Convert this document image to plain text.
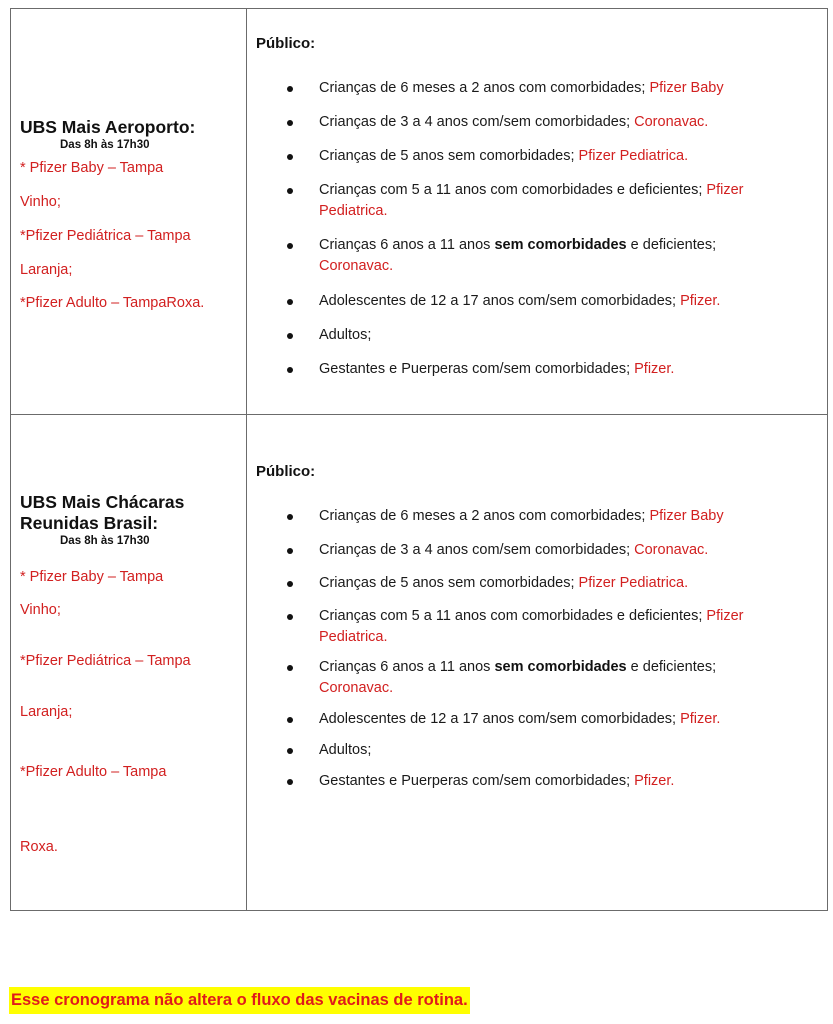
UBS Mais Aeroporto:

Das 8h às 17h30
* Pfizer Baby – Tampa
Vinho;
*Pfizer Pediátrica – Tampa
Laranja;
*Pfizer Adulto – TampaRoxa.
Público:
Crianças de 6 meses a 2 anos com comorbidades; Pfizer Baby
Crianças de 3 a 4 anos com/sem comorbidades; Coronavac.
Crianças de 5 anos sem comorbidades; Pfizer Pediatrica.
Crianças com 5 a 11 anos com comorbidades e deficientes; Pfizer Pediatrica.
Crianças 6 anos a 11 anos sem comorbidades e deficientes;
Coronavac.
Adolescentes de 12 a 17 anos com/sem comorbidades; Pfizer.
Adultos;
Gestantes e Puerperas com/sem comorbidades; Pfizer.

UBS Mais Chácaras

Reunidas Brasil:

Das 8h às 17h30
* Pfizer Baby – Tampa
Vinho;
*Pfizer Pediátrica – Tampa
Laranja;
*Pfizer Adulto – Tampa
Roxa.
Público:
Crianças de 6 meses a 2 anos com comorbidades; Pfizer Baby
Crianças de 3 a 4 anos com/sem comorbidades; Coronavac.
Crianças de 5 anos sem comorbidades; Pfizer Pediatrica.
Crianças com 5 a 11 anos com comorbidades e deficientes; Pfizer Pediatrica.
Crianças 6 anos a 11 anos sem comorbidades e deficientes;
Coronavac.
Adolescentes de 12 a 17 anos com/sem comorbidades; Pfizer.
Adultos;
Gestantes e Puerperas com/sem comorbidades; Pfizer.
Esse cronograma não altera o fluxo das vacinas de rotina.
